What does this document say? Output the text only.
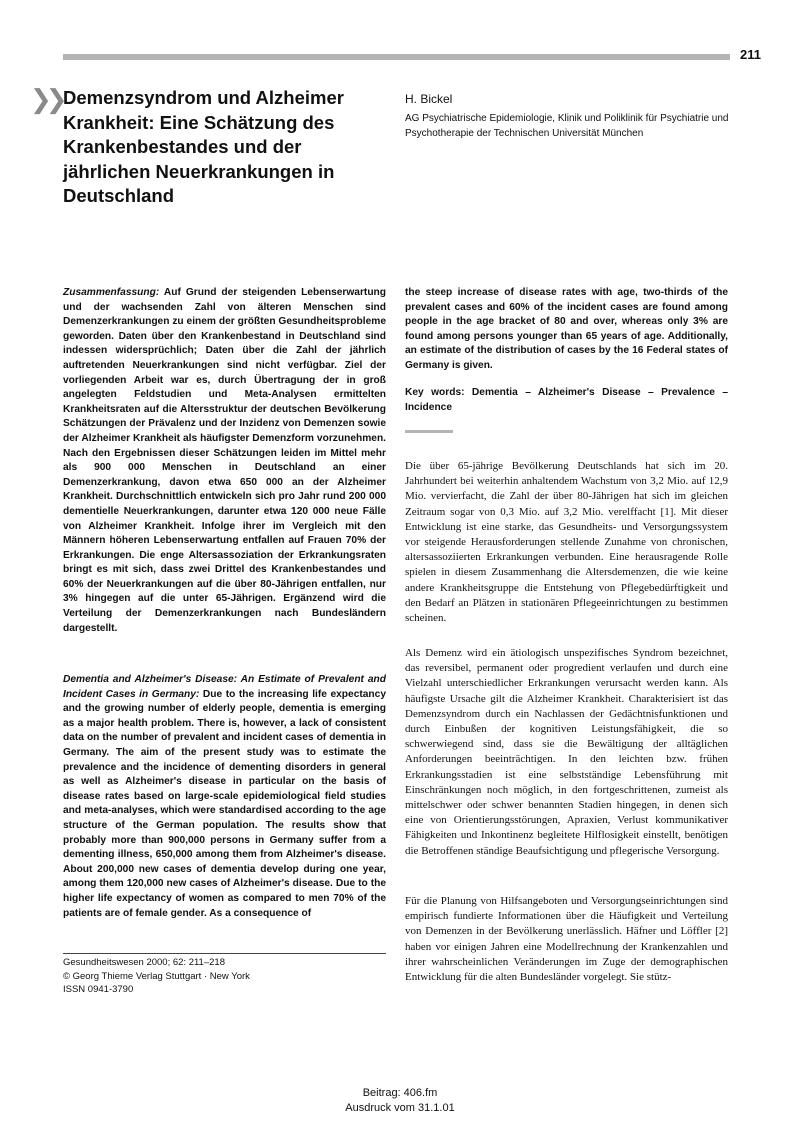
211
❯❯ Demenzsyndrom und Alzheimer Krankheit: Eine Schätzung des Krankenbestandes und der jährlichen Neuerkrankungen in Deutschland
H. Bickel
AG Psychiatrische Epidemiologie, Klinik und Poliklinik für Psychiatrie und Psychotherapie der Technischen Universität München

Zusammenfassung: Auf Grund der steigenden Lebenserwartung und der wachsenden Zahl von älteren Menschen sind Demenzerkrankungen zu einem der größten Gesundheitsprobleme geworden. Daten über den Krankenbestand in Deutschland sind indessen widersprüchlich; Daten über die Zahl der jährlich auftretenden Neuerkrankungen sind nicht verfügbar. Ziel der vorliegenden Arbeit war es, durch Übertragung der in groß angelegten Feldstudien und Meta-Analysen ermittelten Krankheitsraten auf die Altersstruktur der deutschen Bevölkerung Schätzungen der Prävalenz und der Inzidenz von Demenzen sowie der Alzheimer Krankheit als häufigster Demenzform vorzunehmen. Nach den Ergebnissen dieser Schätzungen leiden im Mittel mehr als 900 000 Menschen in Deutschland an einer Demenzerkrankung, davon etwa 650 000 an der Alzheimer Krankheit. Durchschnittlich entwickeln sich pro Jahr rund 200 000 dementielle Neuerkrankungen, darunter etwa 120 000 neue Fälle von Alzheimer Krankheit. Infolge ihrer im Vergleich mit den Männern höheren Lebenserwartung entfallen auf Frauen 70% der Erkrankungen. Die enge Altersassoziation der Erkrankungsraten bringt es mit sich, dass zwei Drittel des Krankenbestandes und 60% der Neuerkrankungen auf die über 80-Jährigen entfallen, nur 3% hingegen auf die unter 65-Jährigen. Ergänzend wird die Verteilung der Demenzerkrankungen nach Bundesländern dargestellt.

Dementia and Alzheimer's Disease: An Estimate of Prevalent and Incident Cases in Germany: Due to the increasing life expectancy and the growing number of elderly people, dementia is emerging as a major health problem. There is, however, a lack of consistent data on the number of prevalent and incident cases of dementia in Germany. The aim of the present study was to estimate the prevalence and the incidence of dementing disorders in general as well as Alzheimer's disease in particular on the basis of disease rates based on large-scale epidemiological field studies and meta-analyses, which were standardised according to the age structure of the German population. The results show that probably more than 900,000 persons in Germany suffer from a dementing illness, 650,000 among them from Alzheimer's disease. About 200,000 new cases of dementia develop during one year, among them 120,000 new cases of Alzheimer's disease. Due to the higher life expectancy of women as compared to men 70% of the patients are of female gender. As a consequence of

Gesundheitswesen 2000; 62: 211–218
© Georg Thieme Verlag Stuttgart · New York
ISSN 0941-3790

the steep increase of disease rates with age, two-thirds of the prevalent cases and 60% of the incident cases are found among people in the age bracket of 80 and over, whereas only 3% are found among persons younger than 65 years of age. Additionally, an estimate of the distribution of cases by the 16 Federal states of Germany is given.

Key words: Dementia – Alzheimer's Disease – Prevalence – Incidence

Die über 65-jährige Bevölkerung Deutschlands hat sich im 20. Jahrhundert bei weiterhin anhaltendem Wachstum von 3,2 Mio. auf 12,9 Mio. vervierfacht, die Zahl der über 80-Jährigen hat sich im gleichen Zeitraum sogar von 0,3 Mio. auf 3,2 Mio. verelffacht [1]. Mit dieser Entwicklung ist eine starke, das Gesundheits- und Versorgungssystem vor steigende Herausforderungen stellende Zunahme von chronischen, altersassoziierten Erkrankungen verbunden. Eine herausragende Rolle spielen in diesem Zusammenhang die Altersdemenzen, die wie keine andere Krankheitsgruppe die Entstehung von Pflegebedürftigkeit und den Bedarf an Plätzen in stationären Pflegeeinrichtungen zu bestimmen scheinen.

Als Demenz wird ein ätiologisch unspezifisches Syndrom bezeichnet, das reversibel, permanent oder progredient verlaufen und durch eine Vielzahl unterschiedlicher Erkrankungen verursacht werden kann. Als häufigste Ursache gilt die Alzheimer Krankheit. Charakterisiert ist das Demenzsyndrom durch ein Nachlassen der Gedächtnisfunktionen und durch Einbußen der kognitiven Leistungsfähigkeit, die so schwerwiegend sind, dass sie die Bewältigung der alltäglichen Anforderungen beeinträchtigen. In den leichten bzw. frühen Erkrankungsstadien ist eine selbstständige Lebensführung mit Einschränkungen noch möglich, in den fortgeschrittenen, zumeist als mittelschwer oder schwer benannten Stadien hingegen, in denen sich eine von Orientierungsstörungen, Apraxien, Verlust kommunikativer Fähigkeiten und Inkontinenz begleitete Hilflosigkeit einstellt, benötigen die Betroffenen ständige Beaufsichtigung und pflegerische Versorgung.

Für die Planung von Hilfsangeboten und Versorgungseinrichtungen sind empirisch fundierte Informationen über die Häufigkeit und Verteilung von Demenzen in der Bevölkerung unerlässlich. Häfner und Löffler [2] haben vor einigen Jahren eine Modellrechnung der Krankenzahlen und ihrer wahrscheinlichen Veränderungen im Zuge der demographischen Entwicklung für die alten Bundesländer vorgelegt. Sie stütz-

Beitrag: 406.fm
Ausdruck vom 31.1.01
